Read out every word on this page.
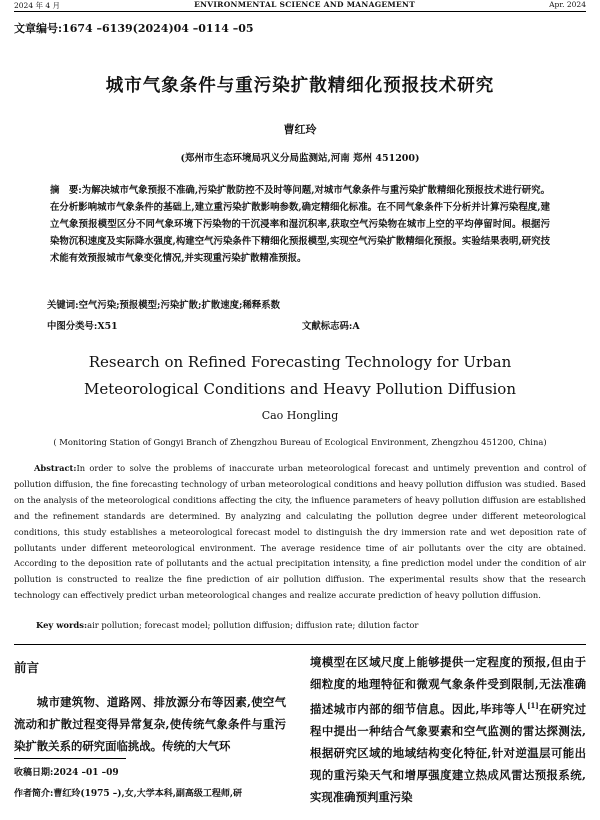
2024 年 4 月	ENVIRONMENTAL SCIENCE AND MANAGEMENT	Apr. 2024
文章编号:1674 –6139(2024)04 –0114 –05
城市气象条件与重污染扩散精细化预报技术研究
曹红玲
(郑州市生态环境局巩义分局监测站,河南 郑州 451200)
摘　要:为解决城市气象预报不准确,污染扩散防控不及时等问题,对城市气象条件与重污染扩散精细化预报技术进行研究。在分析影响城市气象条件的基础上,建立重污染扩散影响参数,确定精细化标准。在不同气象条件下分析并计算污染程度,建立气象预报模型区分不同气象环境下污染物的干沉浸率和湿沉积率,获取空气污染物在城市上空的平均停留时间。根据污染物沉积速度及实际降水强度,构建空气污染条件下精细化预报模型,实现空气污染扩散精细化预报。实验结果表明,研究技术能有效预报城市气象变化情况,并实现重污染扩散精准预报。
关键词:空气污染;预报模型;污染扩散;扩散速度;稀释系数
中图分类号:X51	文献标志码:A
Research on Refined Forecasting Technology for Urban
Meteorological Conditions and Heavy Pollution Diffusion
Cao Hongling
( Monitoring Station of Gongyi Branch of Zhengzhou Bureau of Ecological Environment, Zhengzhou 451200, China)
Abstract:In order to solve the problems of inaccurate urban meteorological forecast and untimely prevention and control of pollution diffusion, the fine forecasting technology of urban meteorological conditions and heavy pollution diffusion was studied. Based on the analysis of the meteorological conditions affecting the city, the influence parameters of heavy pollution diffusion are established and the refinement standards are determined. By analyzing and calculating the pollution degree under different meteorological conditions, this study establishes a meteorological forecast model to distinguish the dry immersion rate and wet deposition rate of pollutants under different meteorological environment. The average residence time of air pollutants over the city are obtained. According to the deposition rate of pollutants and the actual precipitation intensity, a fine prediction model under the condition of air pollution is constructed to realize the fine prediction of air pollution diffusion. The experimental results show that the research technology can effectively predict urban meteorological changes and realize accurate prediction of heavy pollution diffusion.
Key words:air pollution; forecast model; pollution diffusion; diffusion rate; dilution factor
前言
城市建筑物、道路网、排放源分布等因素,使空气流动和扩散过程变得异常复杂,使传统气象条件与重污染扩散关系的研究面临挑战。传统的大气环
境模型在区域尺度上能够提供一定程度的预报,但由于细粒度的地理特征和微观气象条件受到限制,无法准确描述城市内部的细节信息。因此,毕玮等人[1]在研究过程中提出一种结合气象要素和空气监测的雷达探测法,根据研究区域的地域结构变化特征,针对逆温层可能出现的重污染天气和增厚强度建立热成风雷达预报系统,实现准确预判重污染
收稿日期:2024 –01 –09
作者简介:曹红玲(1975 –),女,大学本科,副高级工程师,研
